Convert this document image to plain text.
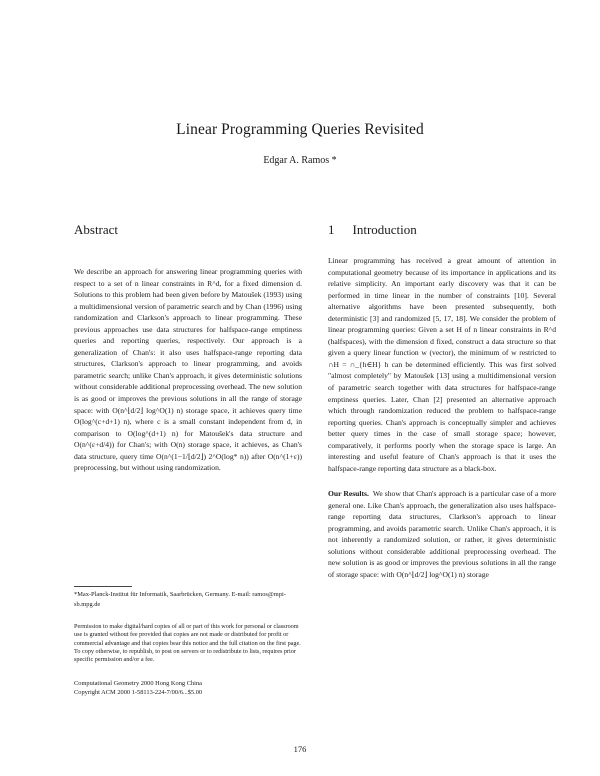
Linear Programming Queries Revisited
Edgar A. Ramos *
Abstract

We describe an approach for answering linear programming queries with respect to a set of n linear constraints in R^d, for a fixed dimension d. Solutions to this problem had been given before by Matoušek (1993) using a multidimensional version of parametric search and by Chan (1996) using randomization and Clarkson's approach to linear programming. These previous approaches use data structures for halfspace-range emptiness queries and reporting queries, respectively. Our approach is a generalization of Chan's: it also uses halfspace-range reporting data structures, Clarkson's approach to linear programming, and avoids parametric search; unlike Chan's approach, it gives deterministic solutions without considerable additional preprocessing overhead. The new solution is as good or improves the previous solutions in all the range of storage space: with O(n^⌊d/2⌋ log^O(1) n) storage space, it achieves query time O(log^(c+d+1) n), where c is a small constant independent from d, in comparison to O(log^(d+1) n) for Matoušek's data structure and O(n^(ε+d/4)) for Chan's; with O(n) storage space, it achieves, as Chan's data structure, query time O(n^(1−1/⌊d/2⌋) 2^O(log* n)) after O(n^(1+ε)) preprocessing, but without using randomization.

1 Introduction

Linear programming has received a great amount of attention in computational geometry because of its importance in applications and its relative simplicity. An important early discovery was that it can be performed in time linear in the number of constraints [10]. Several alternative algorithms have been presented subsequently, both deterministic [3] and randomized [5, 17, 18]. We consider the problem of linear programming queries: Given a set H of n linear constraints in R^d (halfspaces), with the dimension d fixed, construct a data structure so that given a query linear function w (vector), the minimum of w restricted to ∩H = ∩_{h∈H} h can be determined efficiently. This was first solved "almost completely" by Matoušek [13] using a multidimensional version of parametric search together with data structures for halfspace-range emptiness queries. Later, Chan [2] presented an alternative approach which through randomization reduced the problem to halfspace-range reporting queries. Chan's approach is conceptually simpler and achieves better query times in the case of small storage space; however, comparatively, it performs poorly when the storage space is large. An interesting and useful feature of Chan's approach is that it uses the halfspace-range reporting data structure as a black-box.

Our Results. We show that Chan's approach is a particular case of a more general one. Like Chan's approach, the generalization also uses halfspace-range reporting data structures, Clarkson's approach to linear programming, and avoids parametric search. Unlike Chan's approach, it is not inherently a randomized solution, or rather, it gives deterministic solutions without considerable additional preprocessing overhead. The new solution is as good or improves the previous solutions in all the range of storage space: with O(n^⌊d/2⌋ log^O(1) n) storage

*Max-Planck-Institut für Informatik, Saarbrücken, Germany. E-mail: ramos@mpi-sb.mpg.de
Permission to make digital/hard copies of all or part of this work for personal or classroom use is granted without fee provided that copies are not made or distributed for profit or commercial advantage and that copies bear this notice and the full citation on the first page. To copy otherwise, to republish, to post on servers or to redistribute to lists, requires prior specific permission and/or a fee.
Computational Geometry 2000 Hong Kong China
Copyright ACM 2000 1-58113-224-7/00/6...$5.00
176
